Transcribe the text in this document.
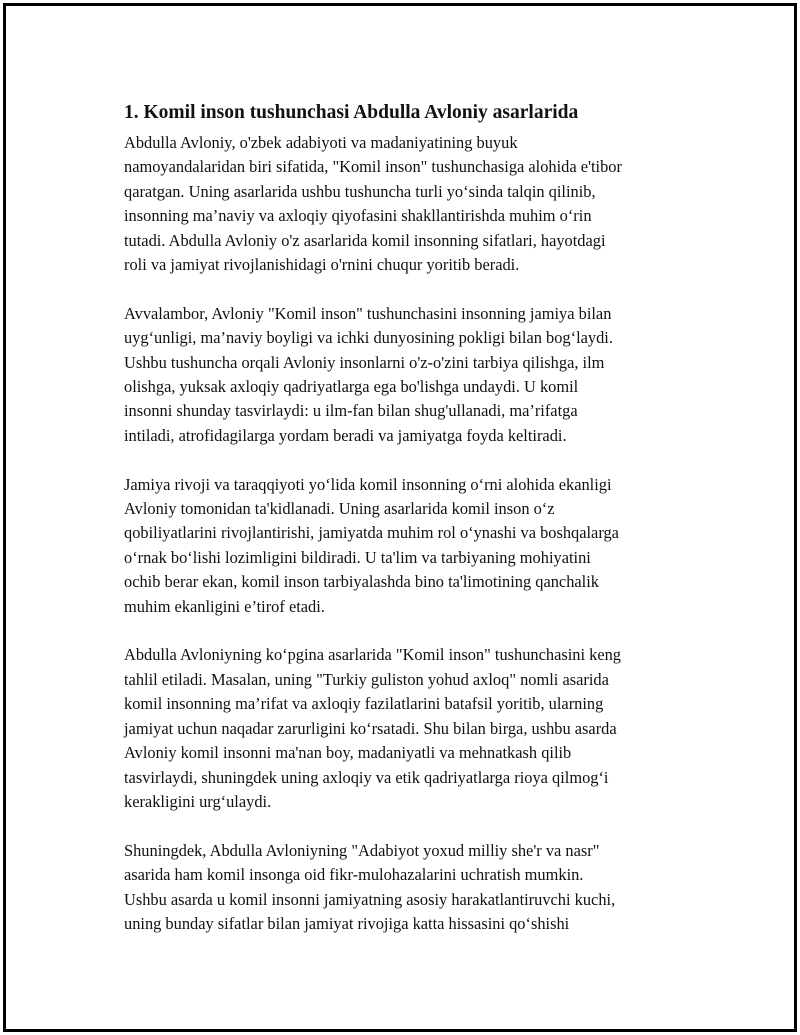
1. Komil inson tushunchasi Abdulla Avloniy asarlarida

Abdulla Avloniy, o'zbek adabiyoti va madaniyatining buyuk
namoyandalaridan biri sifatida, "Komil inson" tushunchasiga alohida e'tibor
qaratgan. Uning asarlarida ushbu tushuncha turli yo‘sinda talqin qilinib,
insonning ma’naviy va axloqiy qiyofasini shakllantirishda muhim o‘rin
tutadi. Abdulla Avloniy o'z asarlarida komil insonning sifatlari, hayotdagi
roli va jamiyat rivojlanishidagi o'rnini chuqur yoritib beradi.

Avvalambor, Avloniy "Komil inson" tushunchasini insonning jamiya bilan
uyg‘unligi, ma’naviy boyligi va ichki dunyosining pokligi bilan bog‘laydi.
Ushbu tushuncha orqali Avloniy insonlarni o'z-o'zini tarbiya qilishga, ilm
olishga, yuksak axloqiy qadriyatlarga ega bo'lishga undaydi. U komil
insonni shunday tasvirlaydi: u ilm-fan bilan shug'ullanadi, ma’rifatga
intiladi, atrofidagilarga yordam beradi va jamiyatga foyda keltiradi.

Jamiya rivoji va taraqqiyoti yo‘lida komil insonning o‘rni alohida ekanligi
Avloniy tomonidan ta'kidlanadi. Uning asarlarida komil inson o‘z
qobiliyatlarini rivojlantirishi, jamiyatda muhim rol o‘ynashi va boshqalarga
o‘rnak bo‘lishi lozimligini bildiradi. U ta'lim va tarbiyaning mohiyatini
ochib berar ekan, komil inson tarbiyalashda bino ta'limotining qanchalik
muhim ekanligini e’tirof etadi.

Abdulla Avloniyning ko‘pgina asarlarida "Komil inson" tushunchasini keng
tahlil etiladi. Masalan, uning "Turkiy guliston yohud axloq" nomli asarida
komil insonning ma’rifat va axloqiy fazilatlarini batafsil yoritib, ularning
jamiyat uchun naqadar zarurligini ko‘rsatadi. Shu bilan birga, ushbu asarda
Avloniy komil insonni ma'nan boy, madaniyatli va mehnatkash qilib
tasvirlaydi, shuningdek uning axloqiy va etik qadriyatlarga rioya qilmog‘i
kerakligini urg‘ulaydi.

Shuningdek, Abdulla Avloniyning "Adabiyot yoxud milliy she'r va nasr"
asarida ham komil insonga oid fikr-mulohazalarini uchratish mumkin.
Ushbu asarda u komil insonni jamiyatning asosiy harakatlantiruvchi kuchi,
uning bunday sifatlar bilan jamiyat rivojiga katta hissasini qo‘shishi
